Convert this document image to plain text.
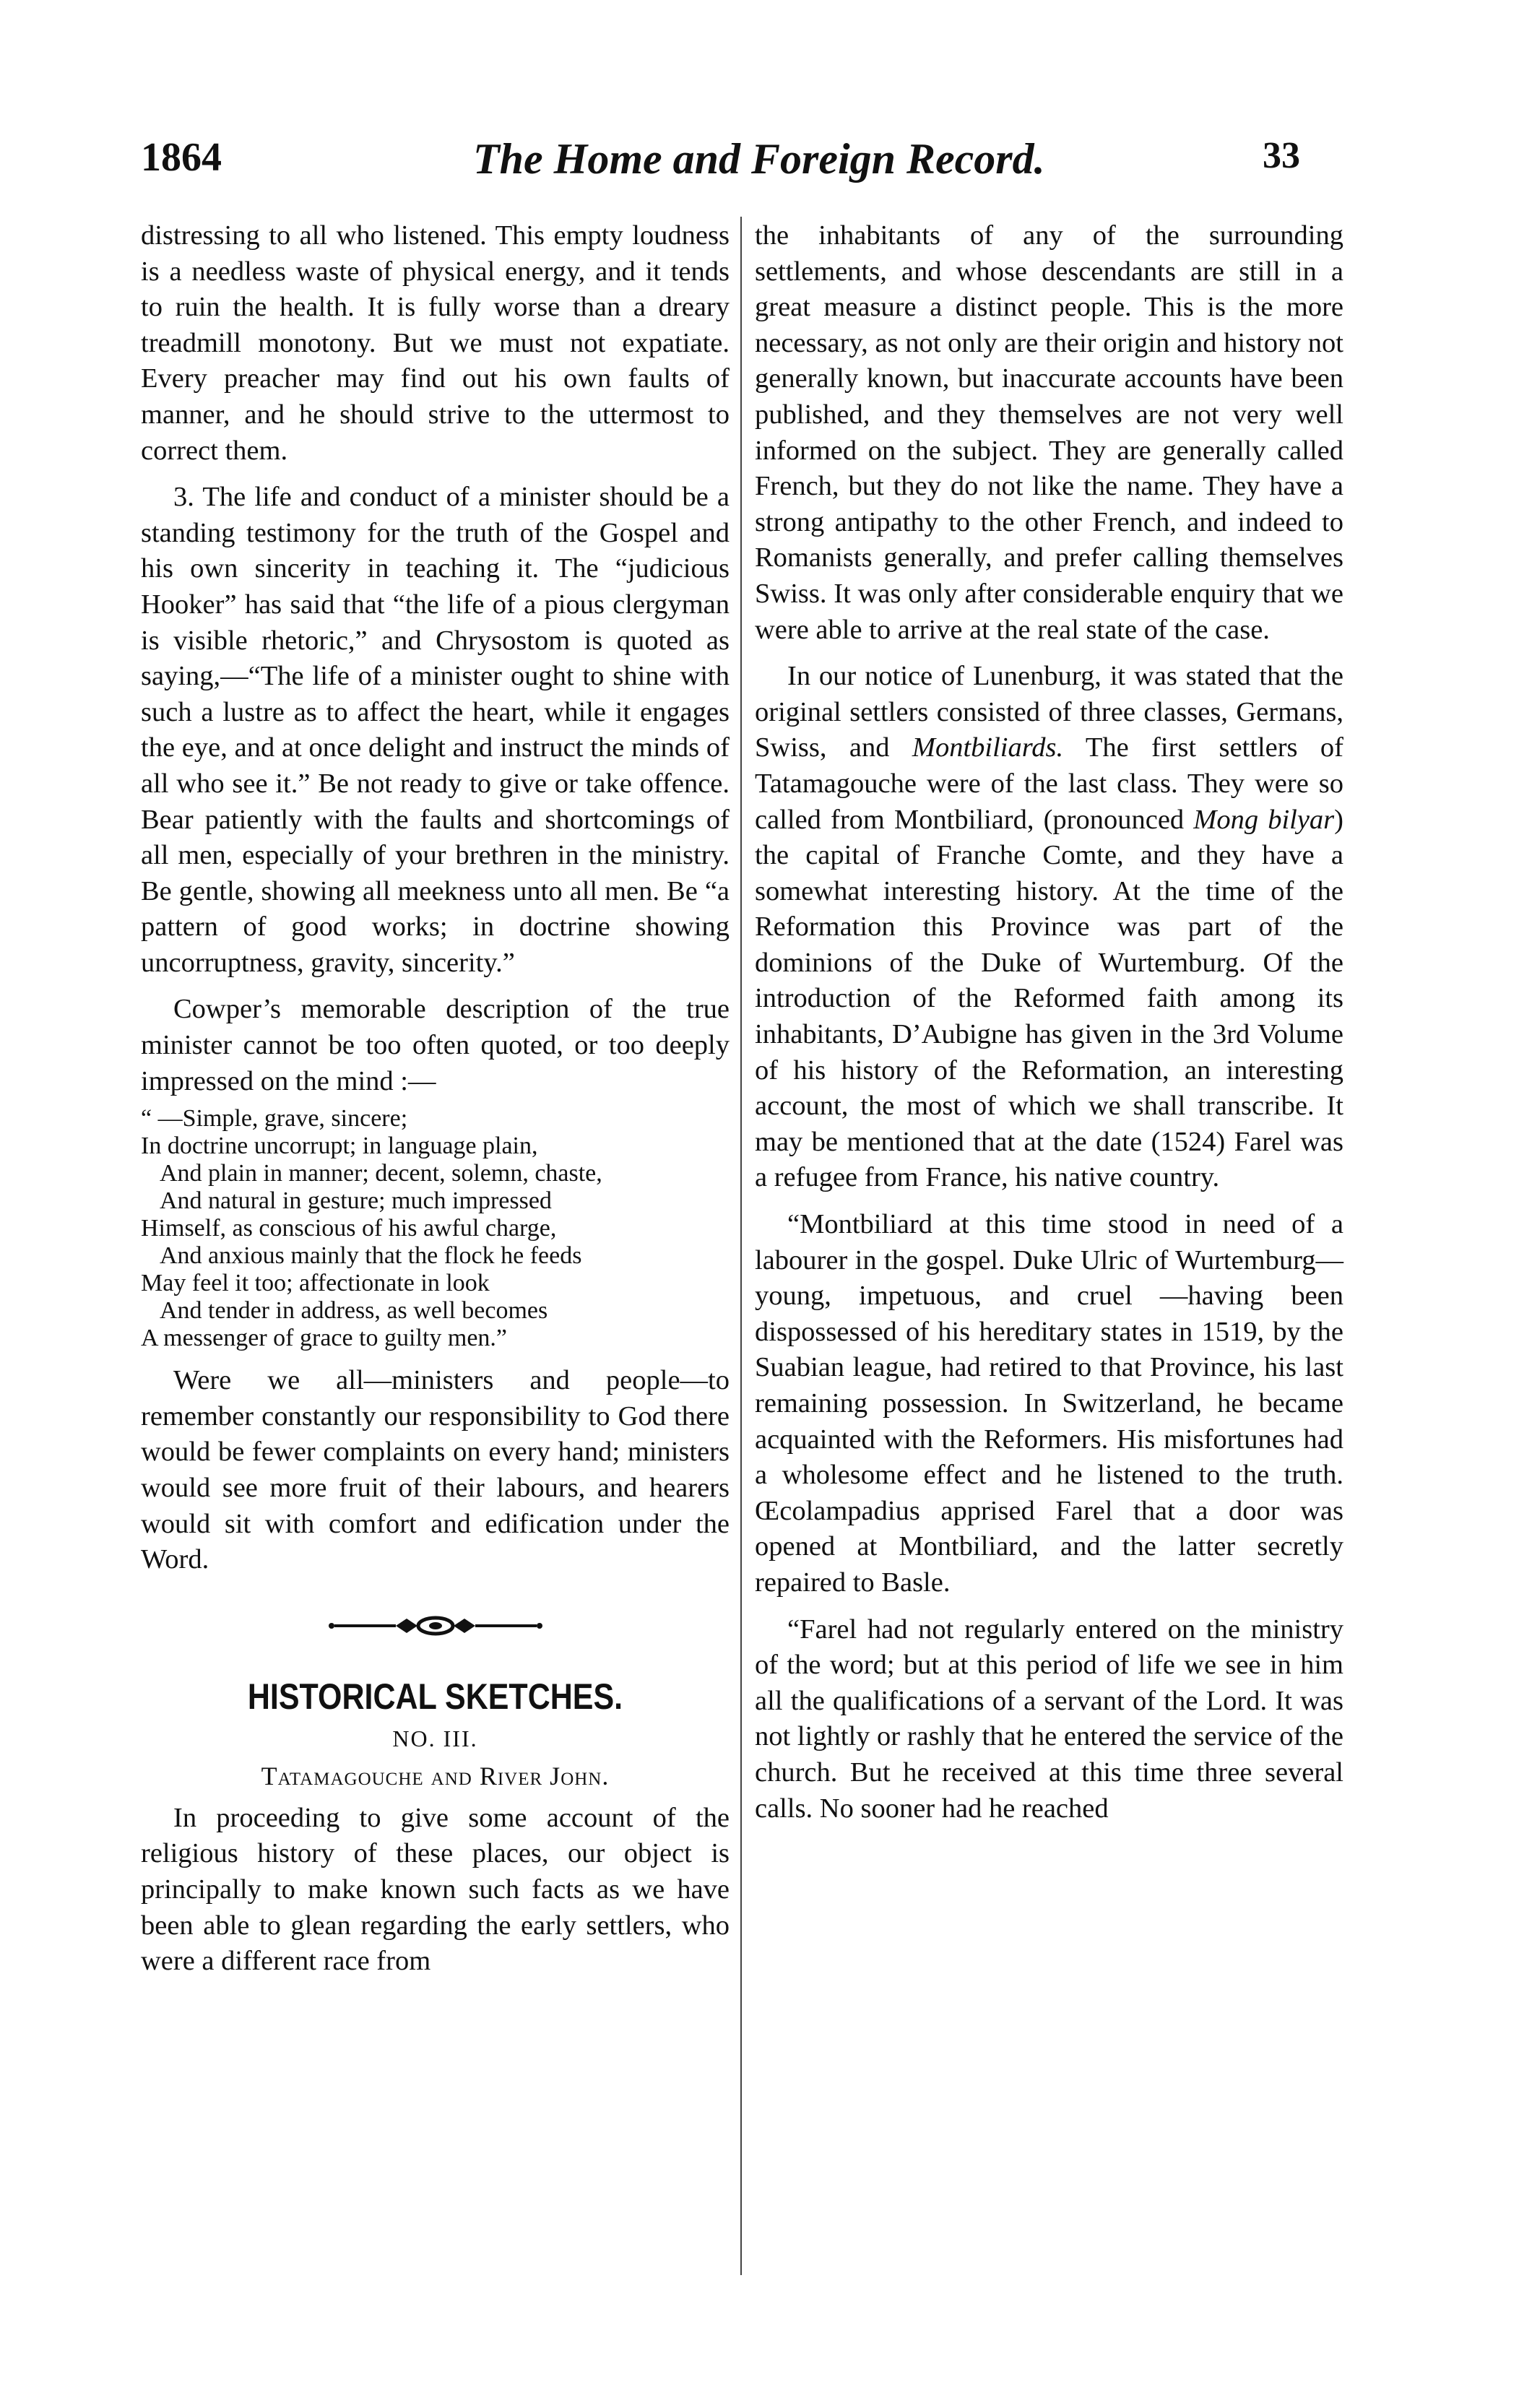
1864	The Home and Foreign Record.	33

distressing to all who listened. This empty loudness is a needless waste of physical energy, and it tends to ruin the health. It is fully worse than a dreary treadmill monotony. But we must not expatiate. Every preacher may find out his own faults of manner, and he should strive to the uttermost to correct them.

3. The life and conduct of a minister should be a standing testimony for the truth of the Gospel and his own sincerity in teaching it. The “judicious Hooker” has said that “the life of a pious clergyman is visible rhetoric,” and Chrysostom is quoted as saying,—“The life of a minister ought to shine with such a lustre as to affect the heart, while it engages the eye, and at once delight and instruct the minds of all who see it.” Be not ready to give or take offence. Bear patiently with the faults and shortcomings of all men, especially of your brethren in the ministry. Be gentle, showing all meekness unto all men. Be “a pattern of good works; in doctrine showing uncorruptness, gravity, sincerity.”

Cowper’s memorable description of the true minister cannot be too often quoted, or too deeply impressed on the mind :—

“ —Simple, grave, sincere;
In doctrine uncorrupt; in language plain,
And plain in manner; decent, solemn, chaste,
And natural in gesture; much impressed
Himself, as conscious of his awful charge,
And anxious mainly that the flock he feeds
May feel it too; affectionate in look
And tender in address, as well becomes
A messenger of grace to guilty men.”

Were we all—ministers and people—to remember constantly our responsibility to God there would be fewer complaints on every hand; ministers would see more fruit of their labours, and hearers would sit with comfort and edification under the Word.

HISTORICAL SKETCHES.
NO. III.
Tatamagouche and River John.

In proceeding to give some account of the religious history of these places, our object is principally to make known such facts as we have been able to glean regarding the early settlers, who were a different race from

the inhabitants of any of the surrounding settlements, and whose descendants are still in a great measure a distinct people. This is the more necessary, as not only are their origin and history not generally known, but inaccurate accounts have been published, and they themselves are not very well informed on the subject. They are generally called French, but they do not like the name. They have a strong antipathy to the other French, and indeed to Romanists generally, and prefer calling themselves Swiss. It was only after considerable enquiry that we were able to arrive at the real state of the case.

In our notice of Lunenburg, it was stated that the original settlers consisted of three classes, Germans, Swiss, and Montbiliards. The first settlers of Tatamagouche were of the last class. They were so called from Montbiliard, (pronounced Mong bilyar) the capital of Franche Comte, and they have a somewhat interesting history. At the time of the Reformation this Province was part of the dominions of the Duke of Wurtemburg. Of the introduction of the Reformed faith among its inhabitants, D’Aubigne has given in the 3rd Volume of his history of the Reformation, an interesting account, the most of which we shall transcribe. It may be mentioned that at the date (1524) Farel was a refugee from France, his native country.

“Montbiliard at this time stood in need of a labourer in the gospel. Duke Ulric of Wurtemburg—young, impetuous, and cruel —having been dispossessed of his hereditary states in 1519, by the Suabian league, had retired to that Province, his last remaining possession. In Switzerland, he became acquainted with the Reformers. His misfortunes had a wholesome effect and he listened to the truth. Œcolampadius apprised Farel that a door was opened at Montbiliard, and the latter secretly repaired to Basle.

“Farel had not regularly entered on the ministry of the word; but at this period of life we see in him all the qualifications of a servant of the Lord. It was not lightly or rashly that he entered the service of the church. But he received at this time three several calls. No sooner had he reached
